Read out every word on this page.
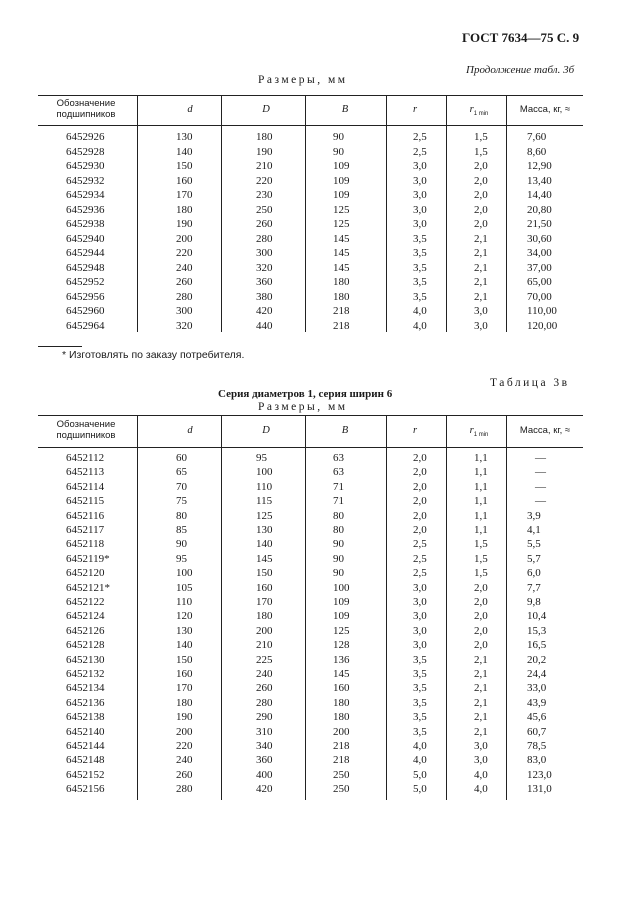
ГОСТ 7634—75 С. 9
Продолжение табл. 3б
Размеры, мм
Обозначение подшипников	d	D	B	r	$r_{1 min}$	Масса, кг, ≈
6452926	130	180	90	2,5	1,5	7,60
6452928	140	190	90	2,5	1,5	8,60
6452930	150	210	109	3,0	2,0	12,90
6452932	160	220	109	3,0	2,0	13,40
6452934	170	230	109	3,0	2,0	14,40
6452936	180	250	125	3,0	2,0	20,80
6452938	190	260	125	3,0	2,0	21,50
6452940	200	280	145	3,5	2,1	30,60
6452944	220	300	145	3,5	2,1	34,00
6452948	240	320	145	3,5	2,1	37,00
6452952	260	360	180	3,5	2,1	65,00
6452956	280	380	180	3,5	2,1	70,00
6452960	300	420	218	4,0	3,0	110,00
6452964	320	440	218	4,0	3,0	120,00
* Изготовлять по заказу потребителя.
Таблица 3в
Серия диаметров 1, серия ширин 6
Размеры, мм
Обозначение подшипников	d	D	B	r	$r_{1 min}$	Масса, кг, ≈
6452112	60	95	63	2,0	1,1	—
6452113	65	100	63	2,0	1,1	—
6452114	70	110	71	2,0	1,1	—
6452115	75	115	71	2,0	1,1	—
6452116	80	125	80	2,0	1,1	3,9
6452117	85	130	80	2,0	1,1	4,1
6452118	90	140	90	2,5	1,5	5,5
6452119*	95	145	90	2,5	1,5	5,7
6452120	100	150	90	2,5	1,5	6,0
6452121*	105	160	100	3,0	2,0	7,7
6452122	110	170	109	3,0	2,0	9,8
6452124	120	180	109	3,0	2,0	10,4
6452126	130	200	125	3,0	2,0	15,3
6452128	140	210	128	3,0	2,0	16,5
6452130	150	225	136	3,5	2,1	20,2
6452132	160	240	145	3,5	2,1	24,4
6452134	170	260	160	3,5	2,1	33,0
6452136	180	280	180	3,5	2,1	43,9
6452138	190	290	180	3,5	2,1	45,6
6452140	200	310	200	3,5	2,1	60,7
6452144	220	340	218	4,0	3,0	78,5
6452148	240	360	218	4,0	3,0	83,0
6452152	260	400	250	5,0	4,0	123,0
6452156	280	420	250	5,0	4,0	131,0
